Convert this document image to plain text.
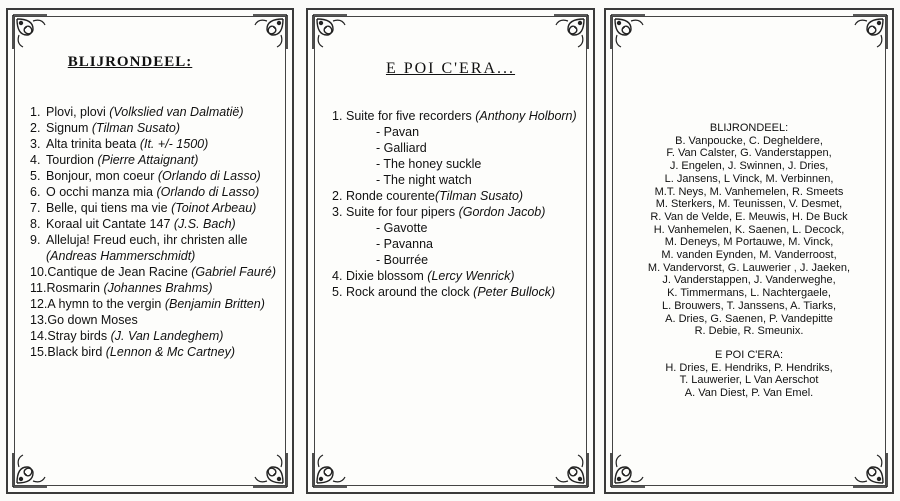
BLIJRONDEEL:
1. Plovi, plovi (Volkslied van Dalmatië)
2. Signum (Tilman Susato)
3. Alta trinita beata (It. +/- 1500)
4. Tourdion (Pierre Attaignant)
5. Bonjour, mon coeur (Orlando di Lasso)
6. O occhi manza mia (Orlando di Lasso)
7. Belle, qui tiens ma vie (Toinot Arbeau)
8. Koraal uit Cantate 147 (J.S. Bach)
9. Alleluja! Freud euch, ihr christen alle (Andreas Hammerschmidt)
10. Cantique de Jean Racine (Gabriel Fauré)
11. Rosmarin (Johannes Brahms)
12. A hymn to the vergin (Benjamin Britten)
13. Go down Moses
14. Stray birds (J. Van Landeghem)
15. Black bird (Lennon & Mc Cartney)
E POI C'ERA...
1. Suite for five recorders (Anthony Holborn)
- Pavan
- Galliard
- The honey suckle
- The night watch
2. Ronde courente(Tilman Susato)
3. Suite for four pipers (Gordon Jacob)
- Gavotte
- Pavanna
- Bourrée
4. Dixie blossom (Lercy Wenrick)
5. Rock around the clock (Peter Bullock)
BLIJRONDEEL:
B. Vanpoucke, C. Degheldere,
F. Van Calster, G. Vanderstappen,
J. Engelen, J. Swinnen, J. Dries,
L. Jansens, L Vinck, M. Verbinnen,
M.T. Neys, M. Vanhemelen, R. Smeets
M. Sterkers, M. Teunissen, V. Desmet,
R. Van de Velde, E. Meuwis, H. De Buck
H. Vanhemelen, K. Saenen, L. Decock,
M. Deneys, M Portauwe, M. Vinck,
M. vanden Eynden, M. Vanderroost,
M. Vandervorst, G. Lauwerier , J. Jaeken,
J. Vanderstappen, J. Vanderweghe,
K. Timmermans, L. Nachtergaele,
L. Brouwers, T. Janssens, A. Tiarks,
A. Dries, G. Saenen, P. Vandepitte
R. Debie, R. Smeunix.
E POI C'ERA:
H. Dries, E. Hendriks, P. Hendriks,
T. Lauwerier, L Van Aerschot
A. Van Diest, P. Van Emel.
